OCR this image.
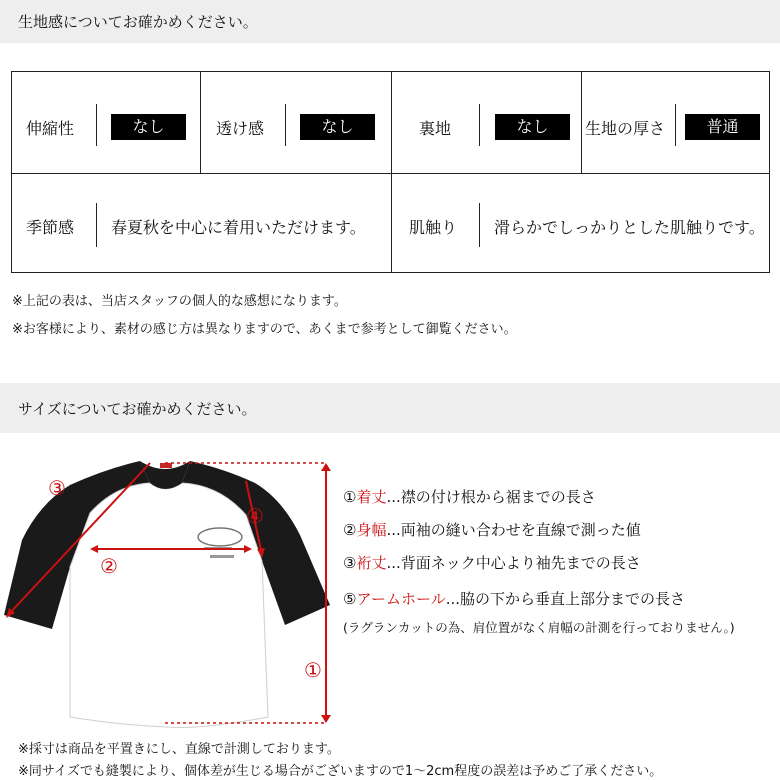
生地感についてお確かめください。
伸縮性	なし	透け感	なし	裏地	なし	生地の厚さ	普通
季節感 春夏秋を中心に着用いただけます。	肌触り 滑らかでしっかりとした肌触りです。
※上記の表は、当店スタッフの個人的な感想になります。
※お客様により、素材の感じ方は異なりますので、あくまで参考として御覧ください。
サイズについてお確かめください。
③
④
②
①
①着丈...襟の付け根から裾までの長さ
②身幅...両袖の縫い合わせを直線で測った値
③裄丈...背面ネック中心より袖先までの長さ
⑤アームホール...脇の下から垂直上部分までの長さ
(ラグランカットの為、肩位置がなく肩幅の計測を行っておりません。)
※採寸は商品を平置きにし、直線で計測しております。
※同サイズでも縫製により、個体差が生じる場合がございますので1〜2cm程度の誤差は予めご了承ください。
